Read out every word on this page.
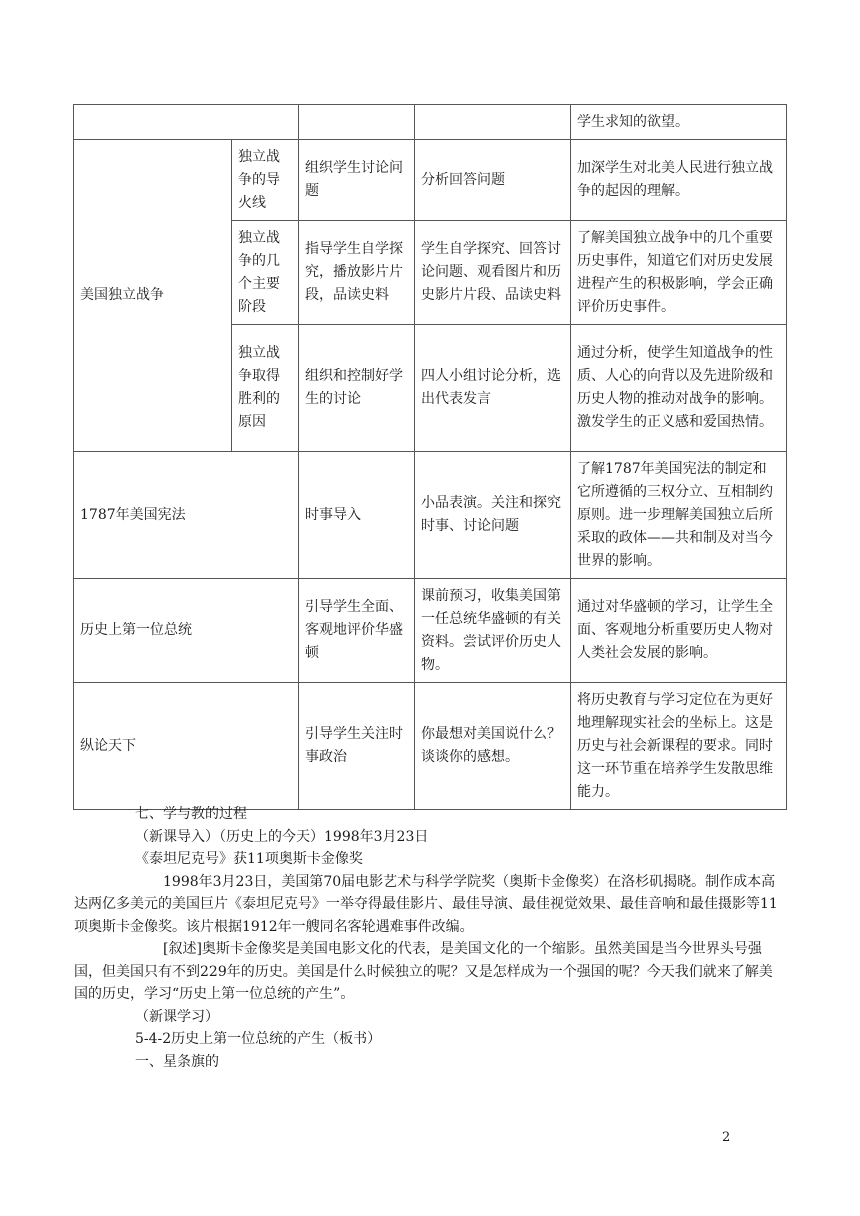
				学生求知的欲望。
美国独立战争	独立战争的导火线	组织学生讨论问题	分析回答问题	加深学生对北美人民进行独立战争的起因的理解。
	独立战争的几个主要阶段	指导学生自学探究，播放影片片段，品读史料	学生自学探究、回答讨论问题、观看图片和历史影片片段、品读史料	了解美国独立战争中的几个重要历史事件，知道它们对历史发展进程产生的积极影响，学会正确评价历史事件。
	独立战争取得胜利的原因	组织和控制好学生的讨论	四人小组讨论分析，选出代表发言	通过分析，使学生知道战争的性质、人心的向背以及先进阶级和历史人物的推动对战争的影响。激发学生的正义感和爱国热情。
1787年美国宪法		时事导入	小品表演。关注和探究时事、讨论问题	了解1787年美国宪法的制定和它所遵循的三权分立、互相制约原则。进一步理解美国独立后所采取的政体——共和制及对当今世界的影响。
历史上第一位总统		引导学生全面、客观地评价华盛顿	课前预习，收集美国第一任总统华盛顿的有关资料。尝试评价历史人物。	通过对华盛顿的学习，让学生全面、客观地分析重要历史人物对人类社会发展的影响。
纵论天下		引导学生关注时事政治	你最想对美国说什么？谈谈你的感想。	将历史教育与学习定位在为更好地理解现实社会的坐标上。这是历史与社会新课程的要求。同时这一环节重在培养学生发散思维能力。

七、学与教的过程

（新课导入）（历史上的今天）1998年3月23日

《泰坦尼克号》获11项奥斯卡金像奖

1998年3月23日，美国第70届电影艺术与科学学院奖（奥斯卡金像奖）在洛杉矶揭晓。制作成本高达两亿多美元的美国巨片《泰坦尼克号》一举夺得最佳影片、最佳导演、最佳视觉效果、最佳音响和最佳摄影等11项奥斯卡金像奖。该片根据1912年一艘同名客轮遇难事件改编。

[叙述]奥斯卡金像奖是美国电影文化的代表，是美国文化的一个缩影。虽然美国是当今世界头号强国，但美国只有不到229年的历史。美国是什么时候独立的呢？又是怎样成为一个强国的呢？今天我们就来了解美国的历史，学习“历史上第一位总统的产生”。

（新课学习）

5-4-2历史上第一位总统的产生（板书）

一、星条旗的

2
